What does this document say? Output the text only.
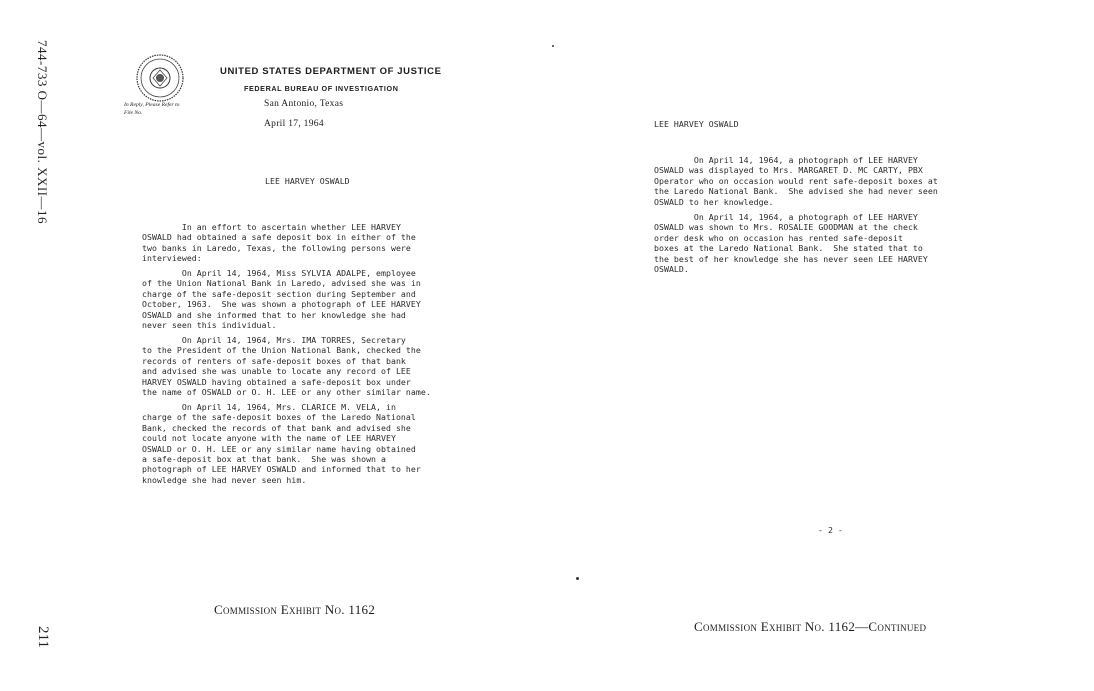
744-733 O—64—vol. XXII—16
211
UNITED STATES DEPARTMENT OF JUSTICE
FEDERAL BUREAU OF INVESTIGATION
In Reply, Please Refer to
File No.
San Antonio, Texas
April 17, 1964
LEE HARVEY OSWALD
In an effort to ascertain whether LEE HARVEY
OSWALD had obtained a safe deposit box in either of the
two banks in Laredo, Texas, the following persons were
interviewed:
On April 14, 1964, Miss SYLVIA ADALPE, employee
of the Union National Bank in Laredo, advised she was in
charge of the safe-deposit section during September and
October, 1963.  She was shown a photograph of LEE HARVEY
OSWALD and she informed that to her knowledge she had
never seen this individual.
On April 14, 1964, Mrs. IMA TORRES, Secretary
to the President of the Union National Bank, checked the
records of renters of safe-deposit boxes of that bank
and advised she was unable to locate any record of LEE
HARVEY OSWALD having obtained a safe-deposit box under
the name of OSWALD or O. H. LEE or any other similar name.
On April 14, 1964, Mrs. CLARICE M. VELA, in
charge of the safe-deposit boxes of the Laredo National
Bank, checked the records of that bank and advised she
could not locate anyone with the name of LEE HARVEY
OSWALD or O. H. LEE or any similar name having obtained
a safe-deposit box at that bank.  She was shown a
photograph of LEE HARVEY OSWALD and informed that to her
knowledge she had never seen him.
Commission Exhibit No. 1162
LEE HARVEY OSWALD
On April 14, 1964, a photograph of LEE HARVEY
OSWALD was displayed to Mrs. MARGARET D. MC CARTY, PBX
Operator who on occasion would rent safe-deposit boxes at
the Laredo National Bank.  She advised she had never seen
OSWALD to her knowledge.
On April 14, 1964, a photograph of LEE HARVEY
OSWALD was shown to Mrs. ROSALIE GOODMAN at the check
order desk who on occasion has rented safe-deposit
boxes at the Laredo National Bank.  She stated that to
the best of her knowledge she has never seen LEE HARVEY
OSWALD.
- 2 -
Commission Exhibit No. 1162—Continued
